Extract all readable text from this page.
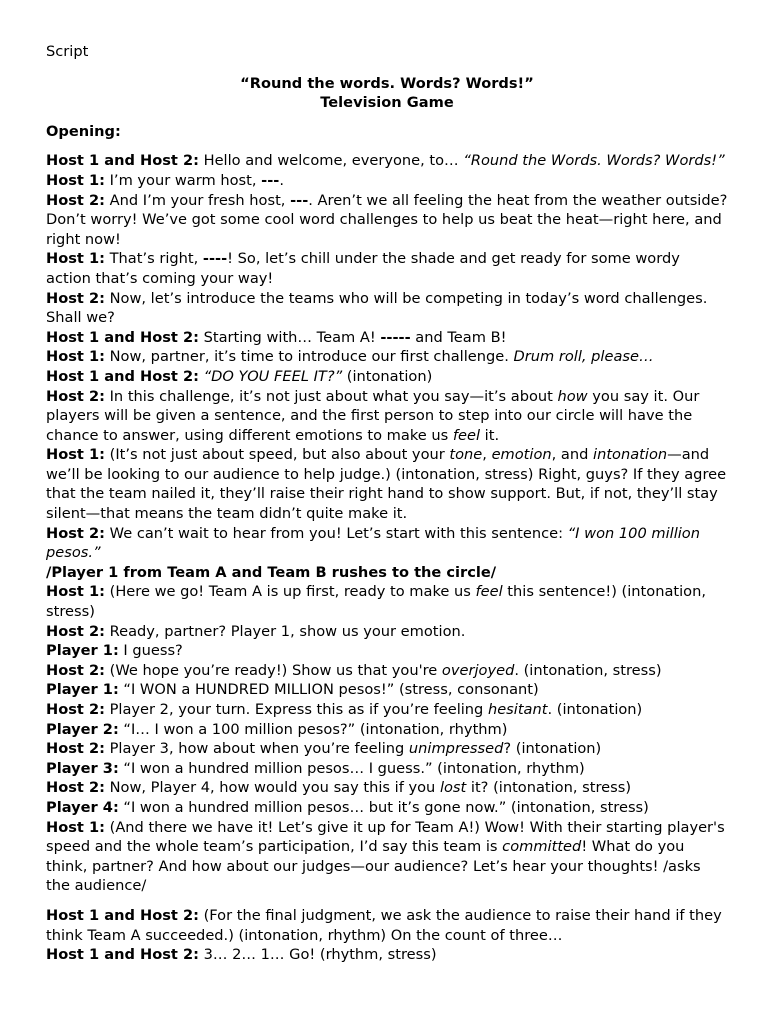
Script
“Round the words. Words? Words!”
Television Game
Opening:
Host 1 and Host 2: Hello and welcome, everyone, to… “Round the Words. Words? Words!”
Host 1: I’m your warm host, ---.
Host 2: And I’m your fresh host, ---. Aren’t we all feeling the heat from the weather outside? Don’t worry! We’ve got some cool word challenges to help us beat the heat—right here, and right now!
Host 1: That’s right, ----! So, let’s chill under the shade and get ready for some wordy action that’s coming your way!
Host 2: Now, let’s introduce the teams who will be competing in today’s word challenges. Shall we?
Host 1 and Host 2: Starting with… Team A! ----- and Team B!
Host 1: Now, partner, it’s time to introduce our first challenge. Drum roll, please…
Host 1 and Host 2: “DO YOU FEEL IT?” (intonation)
Host 2: In this challenge, it’s not just about what you say—it’s about how you say it. Our players will be given a sentence, and the first person to step into our circle will have the chance to answer, using different emotions to make us feel it.
Host 1: (It’s not just about speed, but also about your tone, emotion, and intonation—and we’ll be looking to our audience to help judge.) (intonation, stress) Right, guys? If they agree that the team nailed it, they’ll raise their right hand to show support. But, if not, they’ll stay silent—that means the team didn’t quite make it.
Host 2: We can’t wait to hear from you! Let’s start with this sentence: “I won 100 million pesos.”
/Player 1 from Team A and Team B rushes to the circle/
Host 1: (Here we go! Team A is up first, ready to make us feel this sentence!) (intonation, stress)
Host 2: Ready, partner? Player 1, show us your emotion.
Player 1: I guess?
Host 2: (We hope you’re ready!) Show us that you're overjoyed. (intonation, stress)
Player 1: “I WON a HUNDRED MILLION pesos!” (stress, consonant)
Host 2: Player 2, your turn. Express this as if you’re feeling hesitant. (intonation)
Player 2: “I… I won a 100 million pesos?” (intonation, rhythm)
Host 2: Player 3, how about when you’re feeling unimpressed? (intonation)
Player 3: “I won a hundred million pesos… I guess.” (intonation, rhythm)
Host 2: Now, Player 4, how would you say this if you lost it? (intonation, stress)
Player 4: “I won a hundred million pesos… but it’s gone now.” (intonation, stress)
Host 1: (And there we have it! Let’s give it up for Team A!) Wow! With their starting player's speed and the whole team’s participation, I’d say this team is committed! What do you think, partner? And how about our judges—our audience? Let’s hear your thoughts! /asks the audience/
Host 1 and Host 2: (For the final judgment, we ask the audience to raise their hand if they think Team A succeeded.) (intonation, rhythm) On the count of three…
Host 1 and Host 2: 3… 2… 1… Go! (rhythm, stress)
